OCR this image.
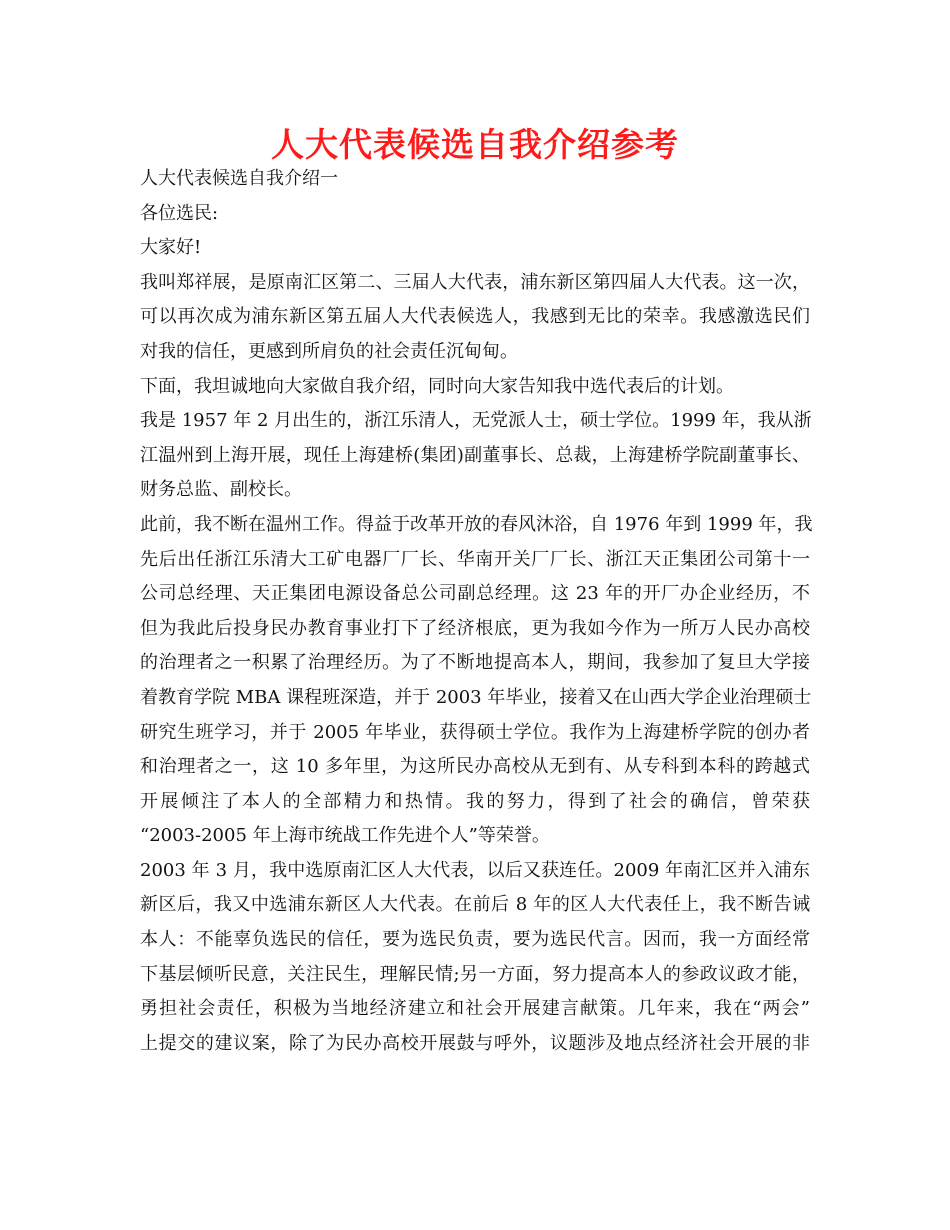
人大代表候选自我介绍参考
人大代表候选自我介绍一
各位选民:
大家好!
我叫郑祥展，是原南汇区第二、三届人大代表，浦东新区第四届人大代表。这一次，
可以再次成为浦东新区第五届人大代表候选人，我感到无比的荣幸。我感激选民们
对我的信任，更感到所肩负的社会责任沉甸甸。
下面，我坦诚地向大家做自我介绍，同时向大家告知我中选代表后的计划。
我是 1957 年 2 月出生的，浙江乐清人，无党派人士，硕士学位。1999 年，我从浙
江温州到上海开展，现任上海建桥(集团)副董事长、总裁，上海建桥学院副董事长、
财务总监、副校长。
此前，我不断在温州工作。得益于改革开放的春风沐浴，自 1976 年到 1999 年，我
先后出任浙江乐清大工矿电器厂厂长、华南开关厂厂长、浙江天正集团公司第十一
公司总经理、天正集团电源设备总公司副总经理。这 23 年的开厂办企业经历，不
但为我此后投身民办教育事业打下了经济根底，更为我如今作为一所万人民办高校
的治理者之一积累了治理经历。为了不断地提高本人，期间，我参加了复旦大学接
着教育学院 MBA 课程班深造，并于 2003 年毕业，接着又在山西大学企业治理硕士
研究生班学习，并于 2005 年毕业，获得硕士学位。我作为上海建桥学院的创办者
和治理者之一，这 10 多年里，为这所民办高校从无到有、从专科到本科的跨越式
开展倾注了本人的全部精力和热情。我的努力，得到了社会的确信，曾荣获
“2003-2005 年上海市统战工作先进个人”等荣誉。
2003 年 3 月，我中选原南汇区人大代表，以后又获连任。2009 年南汇区并入浦东
新区后，我又中选浦东新区人大代表。在前后 8 年的区人大代表任上，我不断告诫
本人：不能辜负选民的信任，要为选民负责，要为选民代言。因而，我一方面经常
下基层倾听民意，关注民生，理解民情;另一方面，努力提高本人的参政议政才能，
勇担社会责任，积极为当地经济建立和社会开展建言献策。几年来，我在“两会”
上提交的建议案，除了为民办高校开展鼓与呼外，议题涉及地点经济社会开展的非
